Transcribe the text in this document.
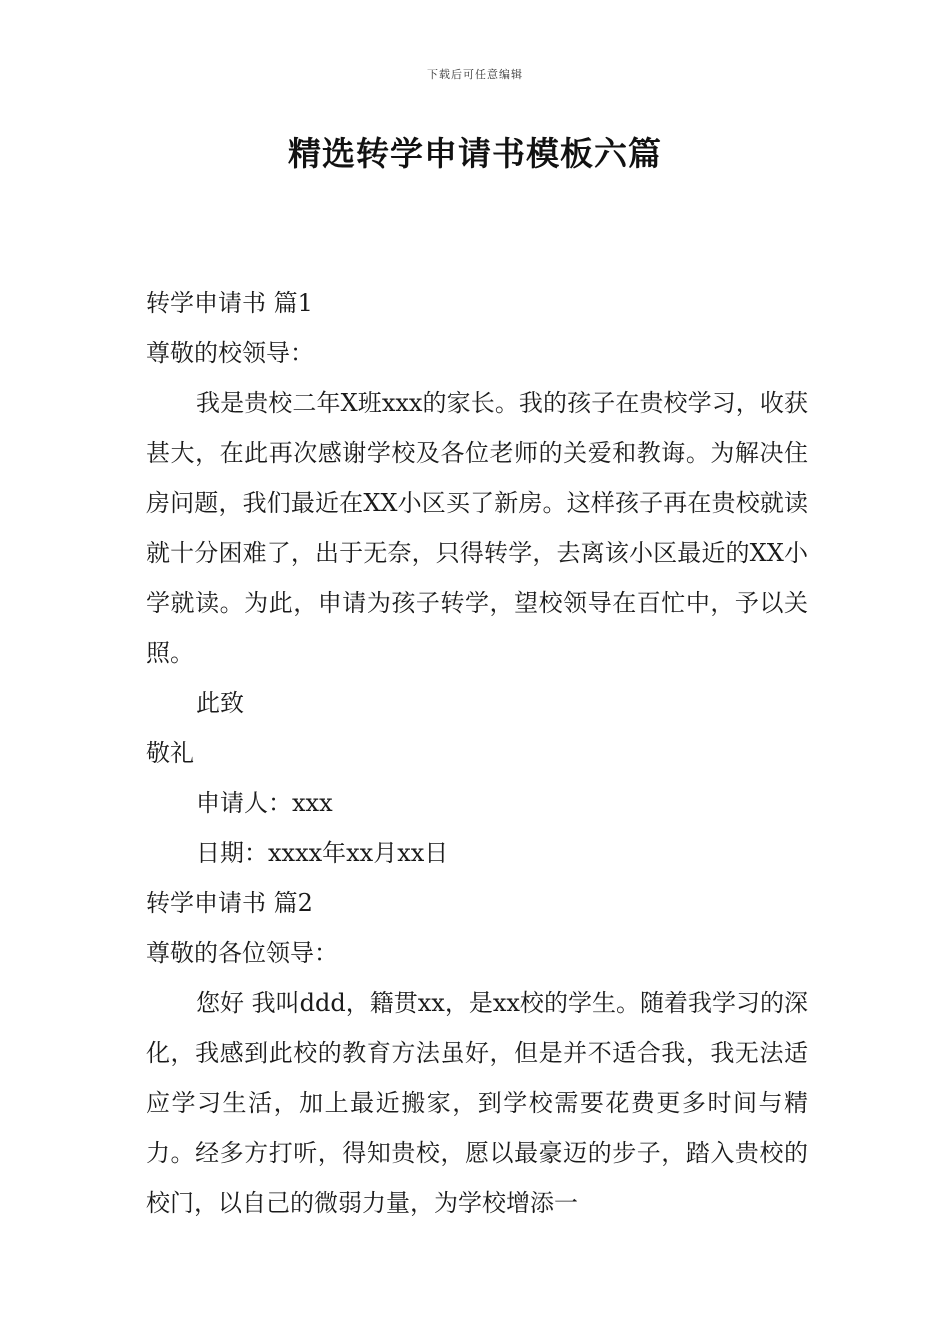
下载后可任意编辑
精选转学申请书模板六篇

转学申请书 篇1

尊敬的校领导：

我是贵校二年X班xxx的家长。我的孩子在贵校学习，收获甚大，在此再次感谢学校及各位老师的关爱和教诲。为解决住房问题，我们最近在XX小区买了新房。这样孩子再在贵校就读就十分困难了，出于无奈，只得转学，去离该小区最近的XX小学就读。为此，申请为孩子转学，望校领导在百忙中，予以关照。

此致

敬礼

申请人：xxx

日期：xxxx年xx月xx日

转学申请书 篇2

尊敬的各位领导：

您好 我叫ddd，籍贯xx，是xx校的学生。随着我学习的深化，我感到此校的教育方法虽好，但是并不适合我，我无法适应学习生活，加上最近搬家，到学校需要花费更多时间与精力。经多方打听，得知贵校，愿以最豪迈的步子，踏入贵校的校门，以自己的微弱力量，为学校增添一
